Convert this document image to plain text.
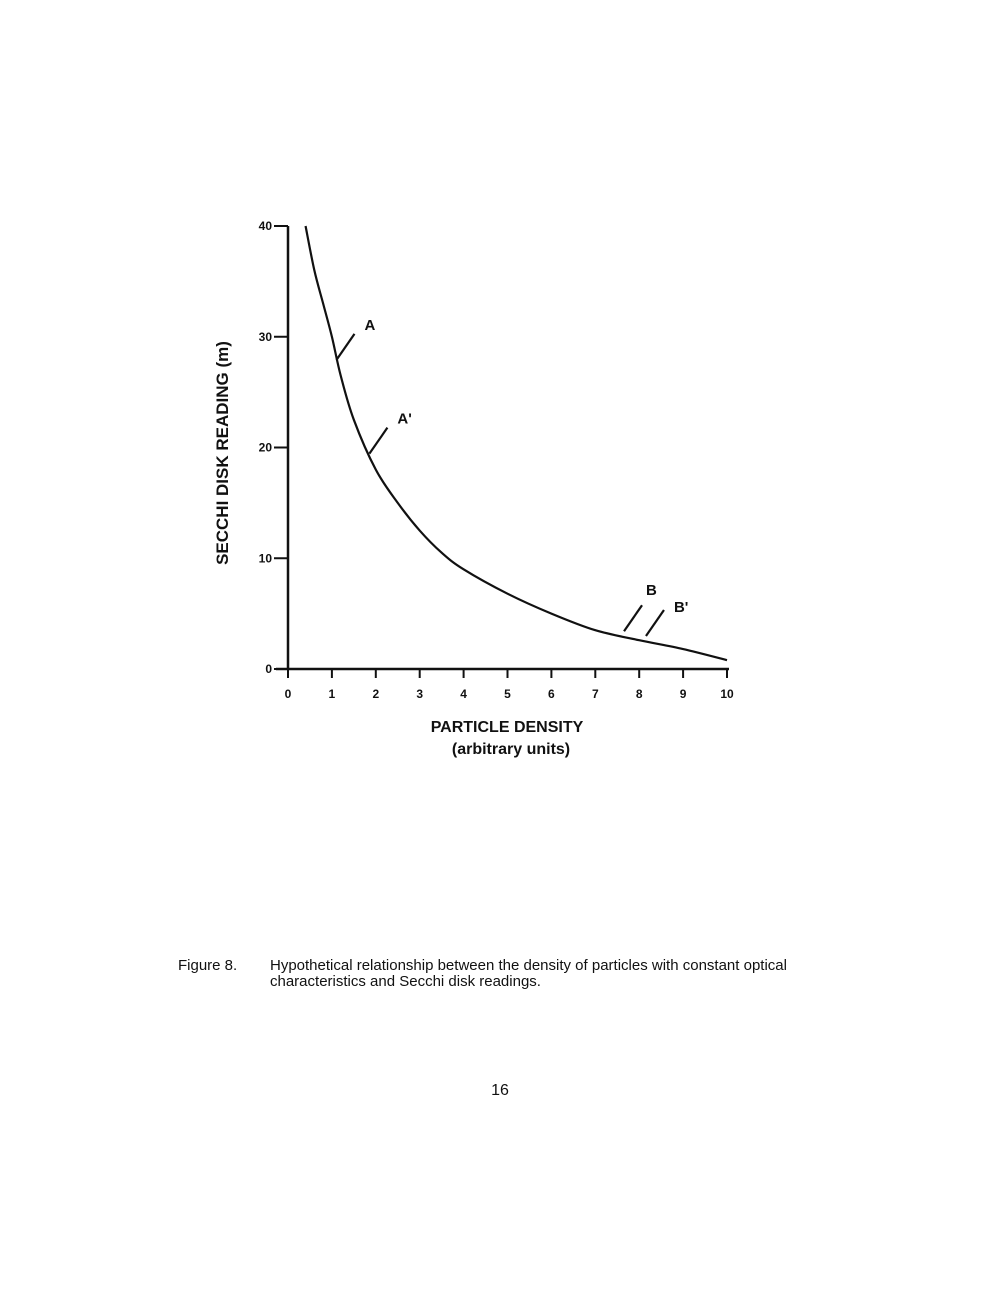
0
10
20
30
40
0	1	2	3	4	5	6	7	8	9	10
A
A'
B
B'
SECCHI DISK READING (m)
PARTICLE DENSITY
(arbitrary units)
Figure 8. Hypothetical relationship between the density of particles with constant optical characteristics and Secchi disk readings.
16
